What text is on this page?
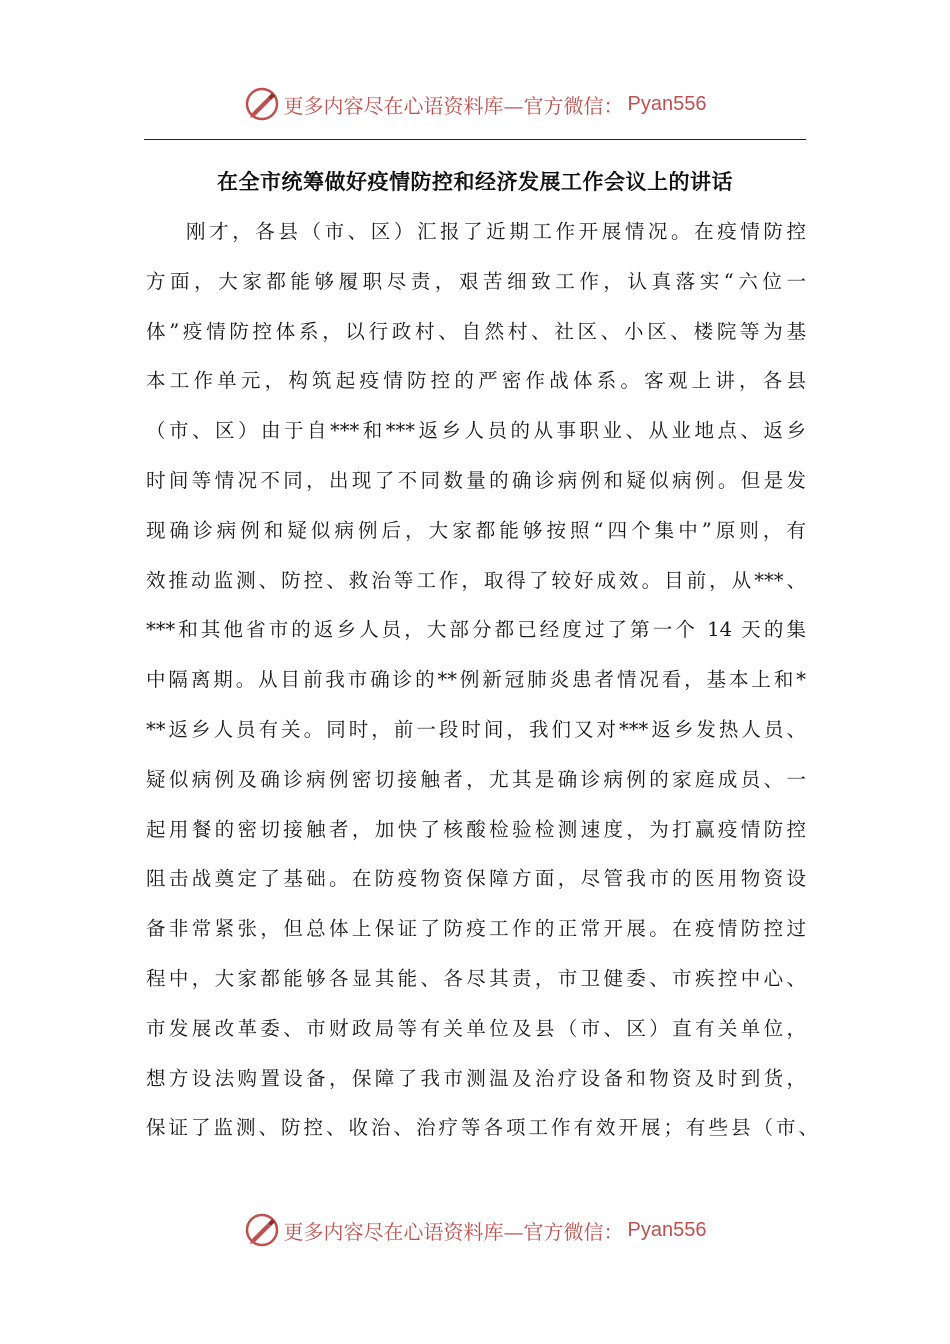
更多内容尽在心语资料库—官方微信： Pyan556
在全市统筹做好疫情防控和经济发展工作会议上的讲话
刚才，各县（市、区）汇报了近期工作开展情况。在疫情防控
方面，大家都能够履职尽责，艰苦细致工作，认真落实“六位一
体”疫情防控体系，以行政村、自然村、社区、小区、楼院等为基
本工作单元，构筑起疫情防控的严密作战体系。客观上讲，各县
（市、区）由于自***和***返乡人员的从事职业、从业地点、返乡
时间等情况不同，出现了不同数量的确诊病例和疑似病例。但是发
现确诊病例和疑似病例后，大家都能够按照“四个集中”原则，有
效推动监测、防控、救治等工作，取得了较好成效。目前，从***、
***和其他省市的返乡人员，大部分都已经度过了第一个 14 天的集
中隔离期。从目前我市确诊的**例新冠肺炎患者情况看，基本上和*
**返乡人员有关。同时，前一段时间，我们又对***返乡发热人员、
疑似病例及确诊病例密切接触者，尤其是确诊病例的家庭成员、一
起用餐的密切接触者，加快了核酸检验检测速度，为打赢疫情防控
阻击战奠定了基础。在防疫物资保障方面，尽管我市的医用物资设
备非常紧张，但总体上保证了防疫工作的正常开展。在疫情防控过
程中，大家都能够各显其能、各尽其责，市卫健委、市疾控中心、
市发展改革委、市财政局等有关单位及县（市、区）直有关单位，
想方设法购置设备，保障了我市测温及治疗设备和物资及时到货，
保证了监测、防控、收治、治疗等各项工作有效开展；有些县（市、
更多内容尽在心语资料库—官方微信： Pyan556
